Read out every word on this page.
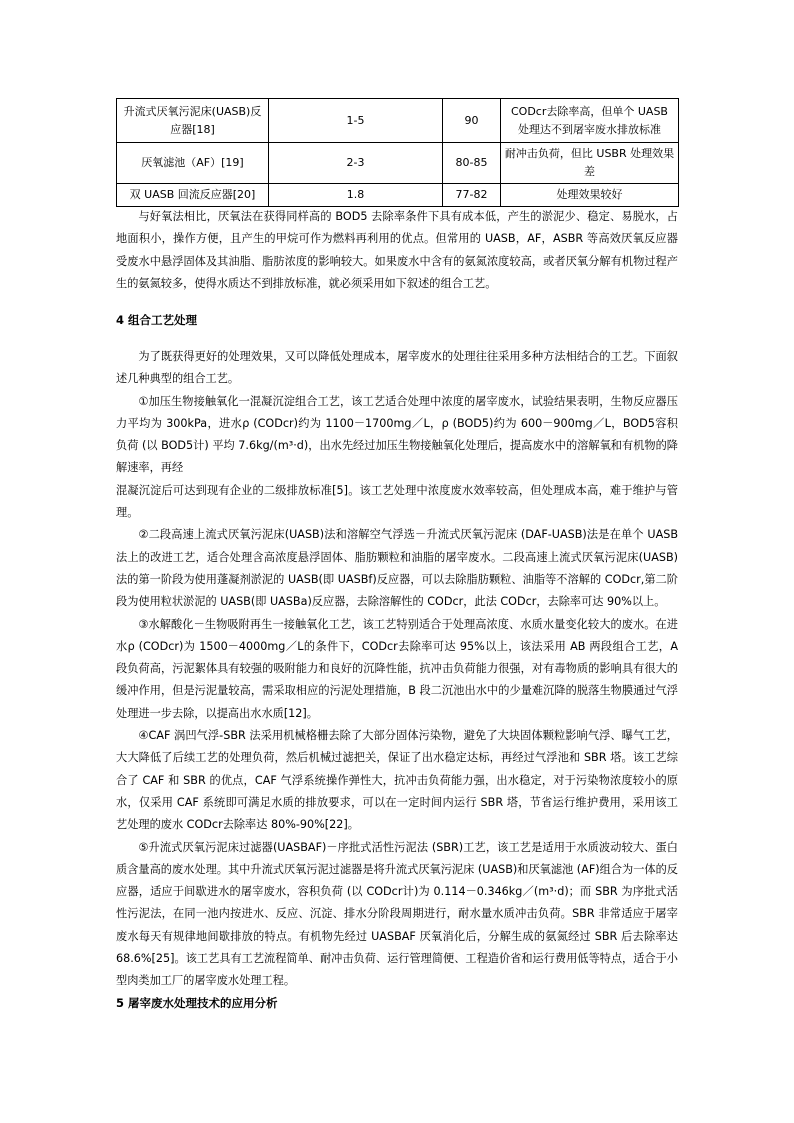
升流式厌氧污泥床(UASB)反应器[18]	1-5	90	CODcr去除率高，但单个 UASB 处理达不到屠宰废水排放标准
厌氧滤池（AF）[19]	2-3	80-85	耐冲击负荷，但比 USBR 处理效果差
双 UASB 回流反应器[20]	1.8	77-82	处理效果较好

与好氧法相比，厌氧法在获得同样高的 BOD5 去除率条件下具有成本低，产生的淤泥少、稳定、易脱水，占地面积小，操作方便，且产生的甲烷可作为燃料再利用的优点。但常用的 UASB，AF，ASBR 等高效厌氧反应器受废水中悬浮固体及其油脂、脂肪浓度的影响较大。如果废水中含有的氨氮浓度较高，或者厌氧分解有机物过程产生的氨氮较多，使得水质达不到排放标准，就必须采用如下叙述的组合工艺。

4 组合工艺处理

为了既获得更好的处理效果，又可以降低处理成本，屠宰废水的处理往往采用多种方法相结合的工艺。下面叙述几种典型的组合工艺。

①加压生物接触氧化一混凝沉淀组合工艺，该工艺适合处理中浓度的屠宰废水，试验结果表明，生物反应器压力平均为 300kPa，进水ρ (CODcr)约为 1100－1700mg／L，ρ (BOD5)约为 600－900mg／L，BOD5容积负荷 (以 BOD5计) 平均 7.6kg/(m³·d)，出水先经过加压生物接触氧化处理后，提高废水中的溶解氧和有机物的降解速率，再经

混凝沉淀后可达到现有企业的二级排放标准[5]。该工艺处理中浓度废水效率较高，但处理成本高，难于维护与管理。

②二段高速上流式厌氧污泥床(UASB)法和溶解空气浮选－升流式厌氧污泥床 (DAF-UASB)法是在单个 UASB 法上的改进工艺，适合处理含高浓度悬浮固体、脂肪颗粒和油脂的屠宰废水。二段高速上流式厌氧污泥床(UASB)法的第一阶段为使用蓬凝剂淤泥的 UASB(即 UASBf)反应器，可以去除脂肪颗粒、油脂等不溶解的 CODcr,第二阶段为使用粒状淤泥的 UASB(即 UASBa)反应器，去除溶解性的 CODcr，此法 CODcr，去除率可达 90%以上。

③水解酸化－生物吸附再生一接触氧化工艺，该工艺特别适合于处理高浓度、水质水量变化较大的废水。在进水ρ (CODcr)为 1500－4000mg／L的条件下，CODcr去除率可达 95%以上，该法采用 AB 两段组合工艺，A 段负荷高，污泥絮体具有较强的吸附能力和良好的沉降性能，抗冲击负荷能力很强，对有毒物质的影响具有很大的缓冲作用，但是污泥量较高，需采取相应的污泥处理措施，B 段二沉池出水中的少量难沉降的脱落生物膜通过气浮处理进一步去除，以提高出水水质[12]。

④CAF 涡凹气浮-SBR 法采用机械格栅去除了大部分固体污染物，避免了大块固体颗粒影响气浮、曝气工艺，大大降低了后续工艺的处理负荷，然后机械过滤把关，保证了出水稳定达标，再经过气浮池和 SBR 塔。该工艺综合了 CAF 和 SBR 的优点，CAF 气浮系统操作弹性大，抗冲击负荷能力强，出水稳定，对于污染物浓度较小的原水，仅采用 CAF 系统即可满足水质的排放要求，可以在一定时间内运行 SBR 塔，节省运行维护费用，采用该工艺处理的废水 CODcr去除率达 80%-90%[22]。

⑤升流式厌氧污泥床过滤器(UASBAF)－序批式活性污泥法 (SBR)工艺，该工艺是适用于水质波动较大、蛋白质含量高的废水处理。其中升流式厌氧污泥过滤器是将升流式厌氧污泥床 (UASB)和厌氧滤池 (AF)组合为一体的反应器，适应于间歇进水的屠宰废水，容积负荷 (以 CODcr计)为 0.114－0.346kg／(m³·d)；而 SBR 为序批式活性污泥法，在同一池内按进水、反应、沉淀、排水分阶段周期进行，耐水量水质冲击负荷。SBR 非常适应于屠宰废水每天有规律地间歇排放的特点。有机物先经过 UASBAF 厌氧消化后，分解生成的氨氮经过 SBR 后去除率达 68.6%[25]。该工艺具有工艺流程简单、耐冲击负荷、运行管理简便、工程造价省和运行费用低等特点，适合于小型肉类加工厂的屠宰废水处理工程。

5 屠宰废水处理技术的应用分析
